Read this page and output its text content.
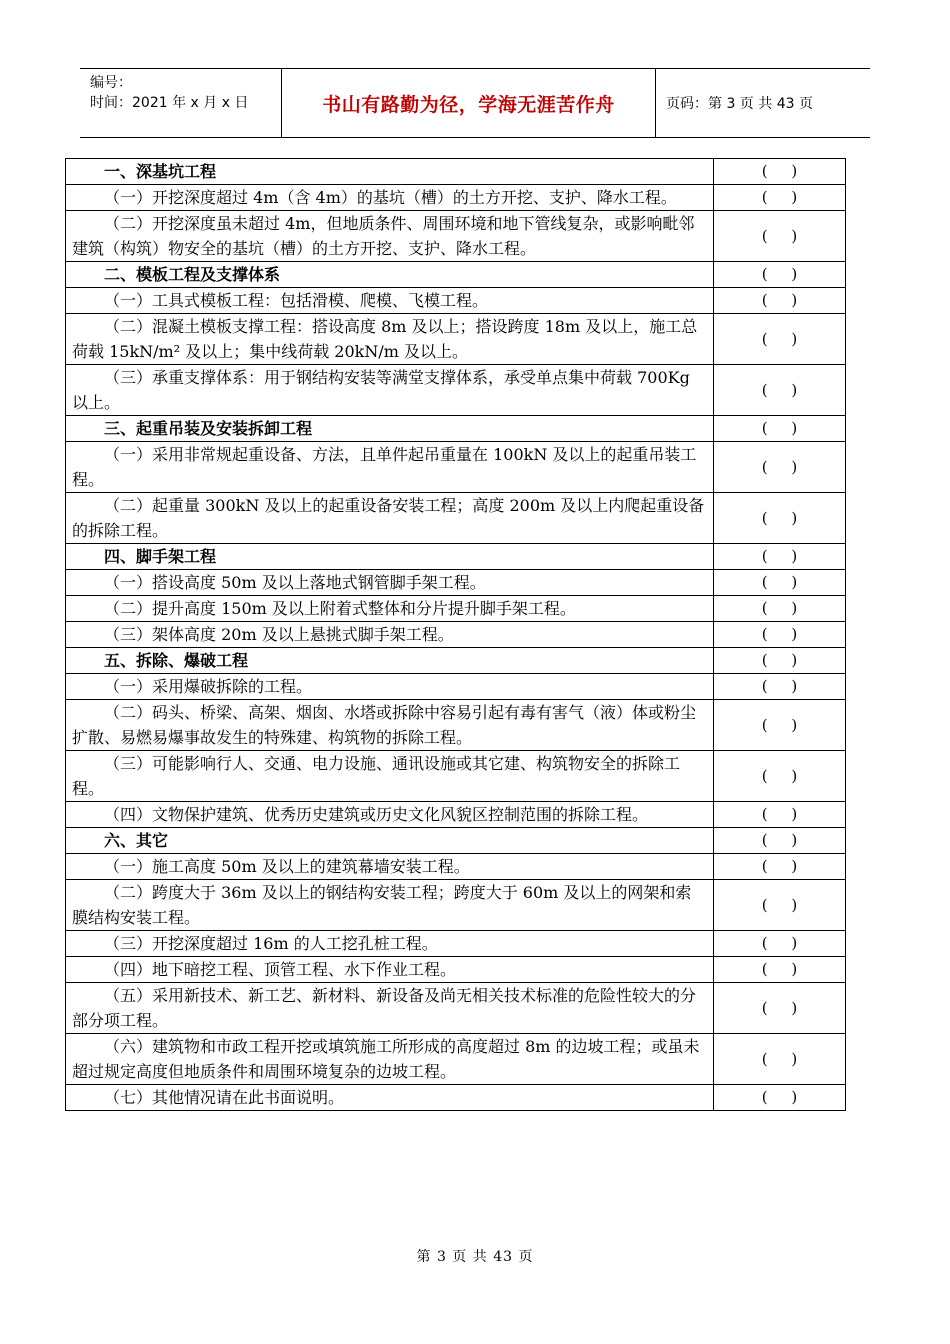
编号：
时间：2021 年 x 月 x 日	书山有路勤为径，学海无涯苦作舟	页码：第 3 页 共 43 页
一、深基坑工程	(     )
（一）开挖深度超过 4m（含 4m）的基坑（槽）的土方开挖、支护、降水工程。	(     )
（二）开挖深度虽未超过 4m，但地质条件、周围环境和地下管线复杂，或影响毗邻建筑（构筑）物安全的基坑（槽）的土方开挖、支护、降水工程。	(     )
二、模板工程及支撑体系	(     )
（一）工具式模板工程：包括滑模、爬模、飞模工程。	(     )
（二）混凝土模板支撑工程：搭设高度 8m 及以上；搭设跨度 18m 及以上，施工总荷载 15kN/m² 及以上；集中线荷载 20kN/m 及以上。	(     )
（三）承重支撑体系：用于钢结构安装等满堂支撑体系，承受单点集中荷载 700Kg 以上。	(     )
三、起重吊装及安装拆卸工程	(     )
（一）采用非常规起重设备、方法，且单件起吊重量在 100kN 及以上的起重吊装工程。	(     )
（二）起重量 300kN 及以上的起重设备安装工程；高度 200m 及以上内爬起重设备的拆除工程。	(     )
四、脚手架工程	(     )
（一）搭设高度 50m 及以上落地式钢管脚手架工程。	(     )
（二）提升高度 150m 及以上附着式整体和分片提升脚手架工程。	(     )
（三）架体高度 20m 及以上悬挑式脚手架工程。	(     )
五、拆除、爆破工程	(     )
（一）采用爆破拆除的工程。	(     )
（二）码头、桥梁、高架、烟囱、水塔或拆除中容易引起有毒有害气（液）体或粉尘扩散、易燃易爆事故发生的特殊建、构筑物的拆除工程。	(     )
（三）可能影响行人、交通、电力设施、通讯设施或其它建、构筑物安全的拆除工程。	(     )
（四）文物保护建筑、优秀历史建筑或历史文化风貌区控制范围的拆除工程。	(     )
六、其它	(     )
（一）施工高度 50m 及以上的建筑幕墙安装工程。	(     )
（二）跨度大于 36m 及以上的钢结构安装工程；跨度大于 60m 及以上的网架和索膜结构安装工程。	(     )
（三）开挖深度超过 16m 的人工挖孔桩工程。	(     )
（四）地下暗挖工程、顶管工程、水下作业工程。	(     )
（五）采用新技术、新工艺、新材料、新设备及尚无相关技术标准的危险性较大的分部分项工程。	(     )
（六）建筑物和市政工程开挖或填筑施工所形成的高度超过 8m 的边坡工程；或虽未超过规定高度但地质条件和周围环境复杂的边坡工程。	(     )
（七）其他情况请在此书面说明。	(     )
第 3 页 共 43 页
